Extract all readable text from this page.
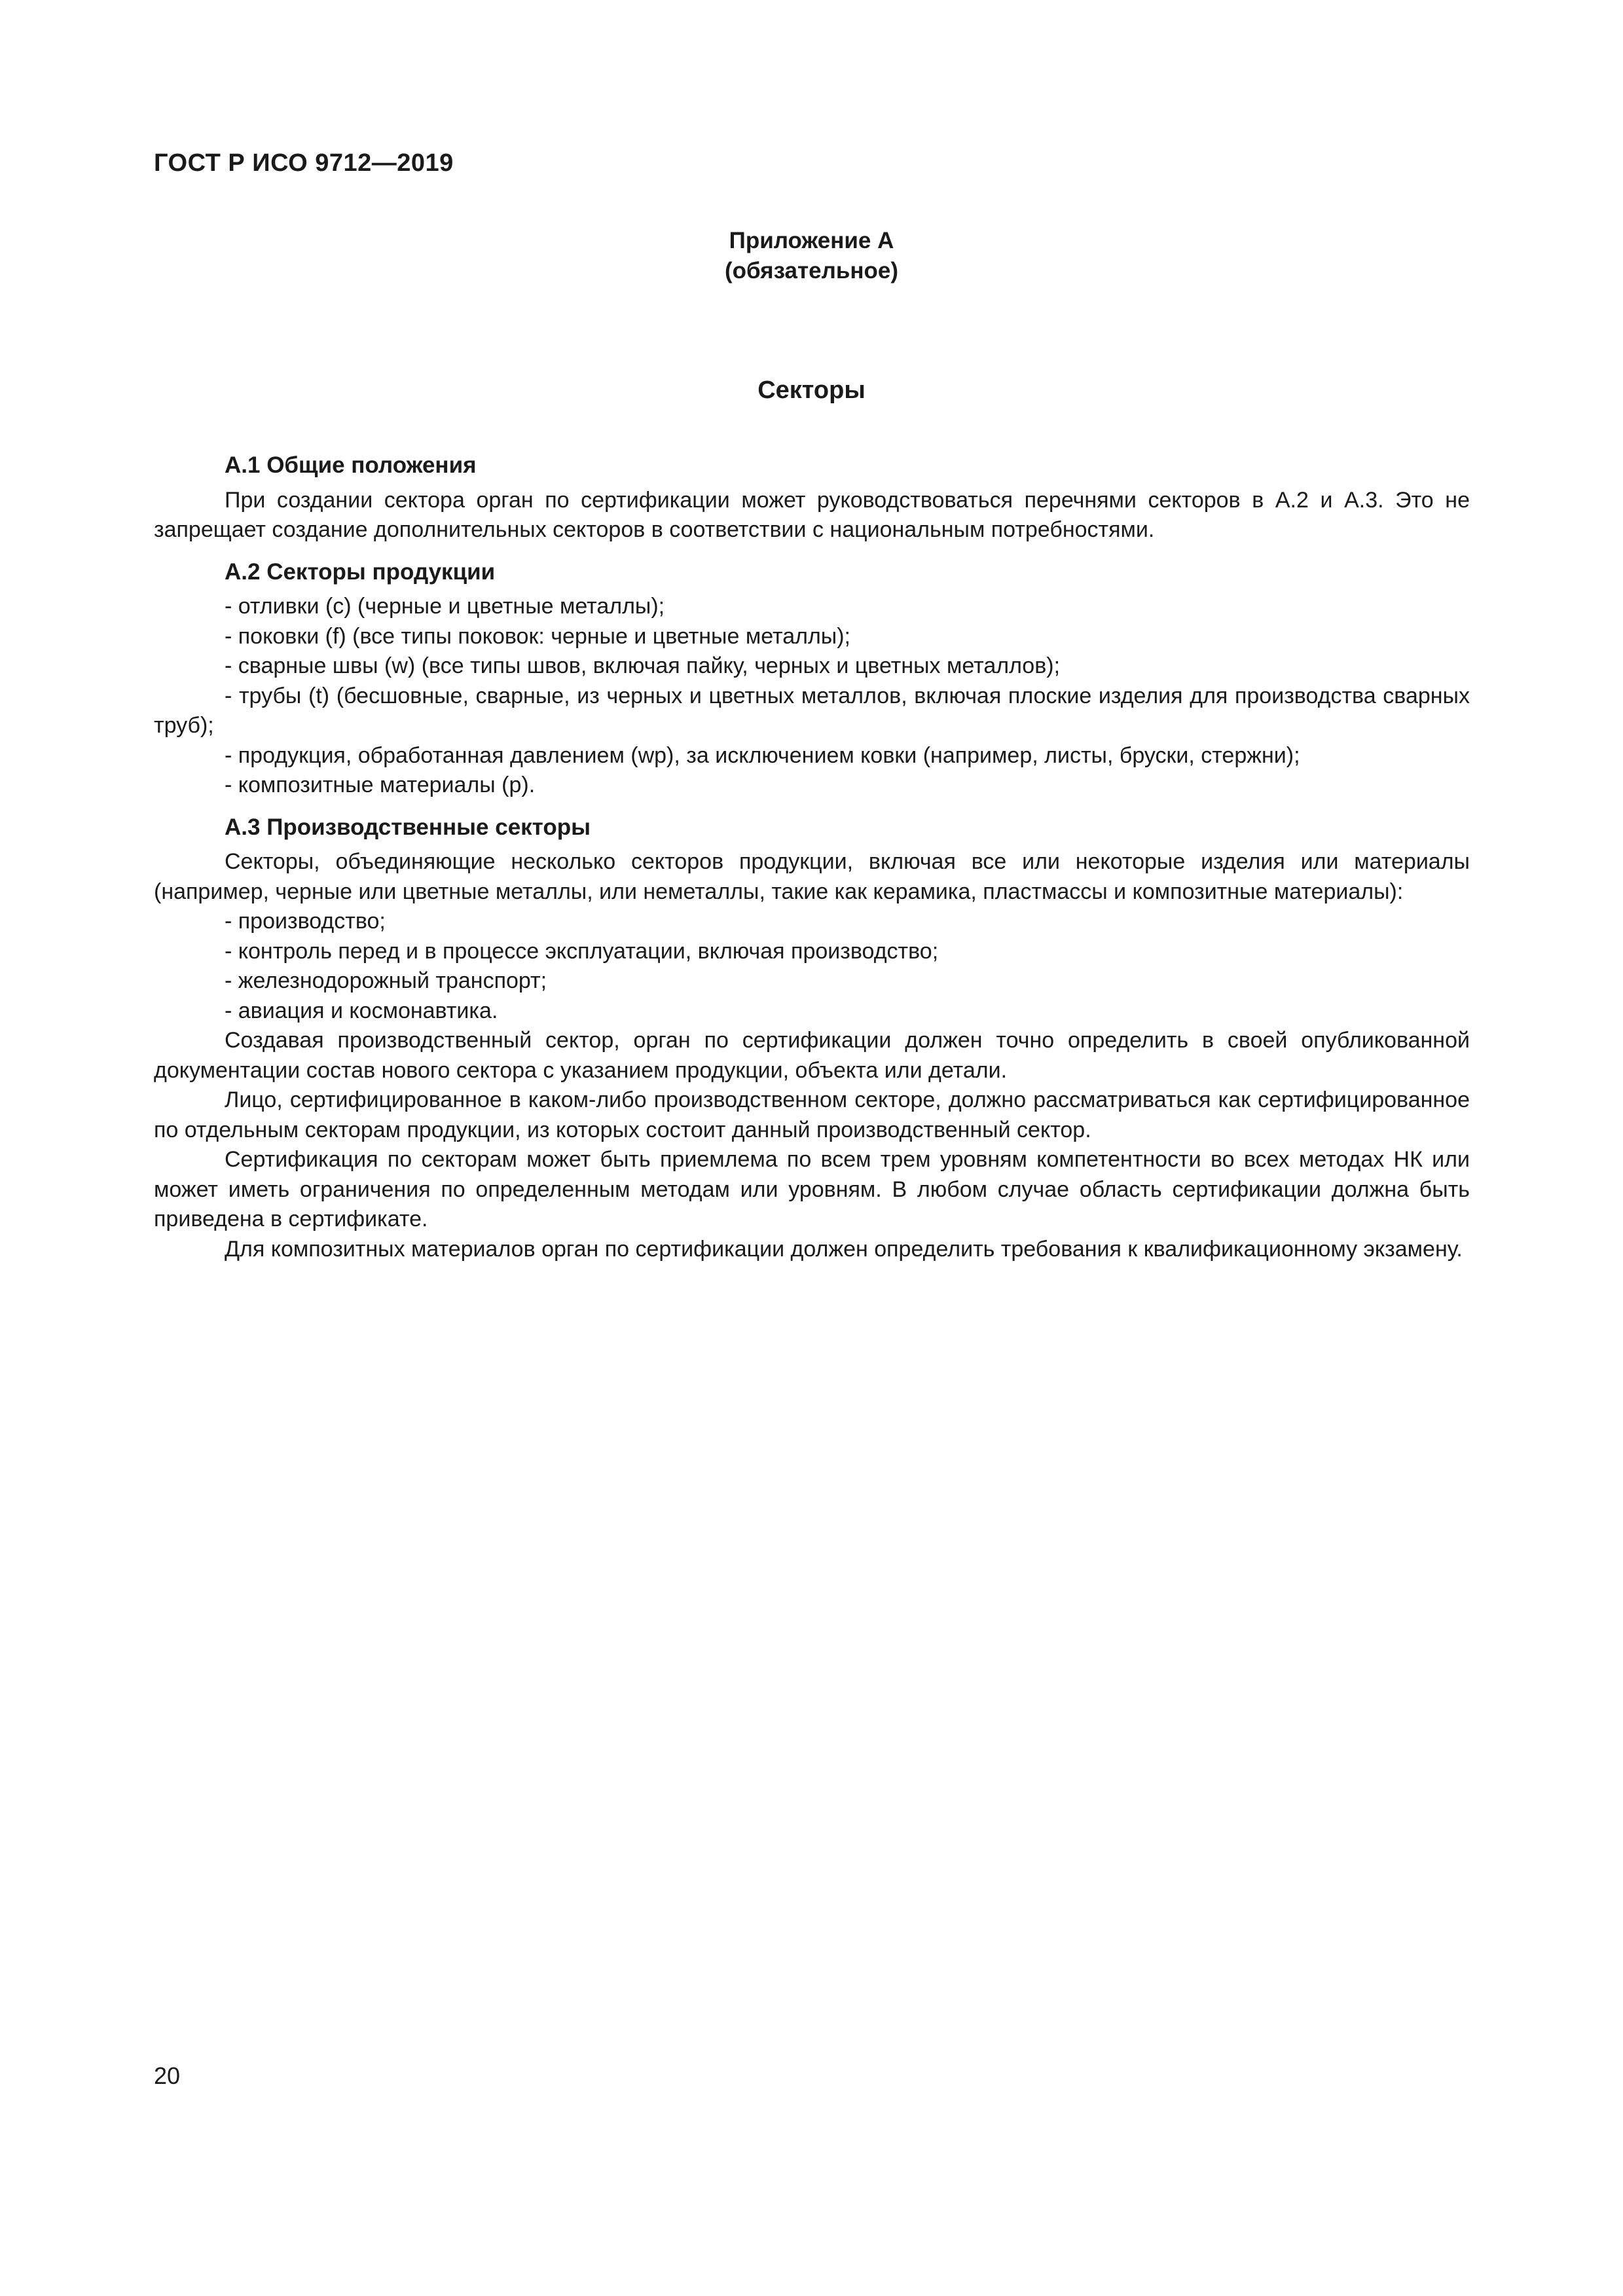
ГОСТ Р ИСО 9712—2019
Приложение А
(обязательное)
Секторы
А.1 Общие положения

При создании сектора орган по сертификации может руководствоваться перечнями секторов в А.2 и А.3. Это не запрещает создание дополнительных секторов в соответствии с национальным потребностями.

А.2 Секторы продукции
- отливки (с) (черные и цветные металлы);
- поковки (f) (все типы поковок: черные и цветные металлы);
- сварные швы (w) (все типы швов, включая пайку, черных и цветных металлов);
- трубы (t) (бесшовные, сварные, из черных и цветных металлов, включая плоские изделия для производства сварных труб);
- продукция, обработанная давлением (wp), за исключением ковки (например, листы, бруски, стержни);
- композитные материалы (р).
А.3 Производственные секторы

Секторы, объединяющие несколько секторов продукции, включая все или некоторые изделия или материалы (например, черные или цветные металлы, или неметаллы, такие как керамика, пластмассы и композитные материалы):

- производство;
- контроль перед и в процессе эксплуатации, включая производство;
- железнодорожный транспорт;
- авиация и космонавтика.

Создавая производственный сектор, орган по сертификации должен точно определить в своей опубликованной документации состав нового сектора с указанием продукции, объекта или детали.

Лицо, сертифицированное в каком-либо производственном секторе, должно рассматриваться как сертифицированное по отдельным секторам продукции, из которых состоит данный производственный сектор.

Сертификация по секторам может быть приемлема по всем трем уровням компетентности во всех методах НК или может иметь ограничения по определенным методам или уровням. В любом случае область сертификации должна быть приведена в сертификате.

Для композитных материалов орган по сертификации должен определить требования к квалификационному экзамену.

20
